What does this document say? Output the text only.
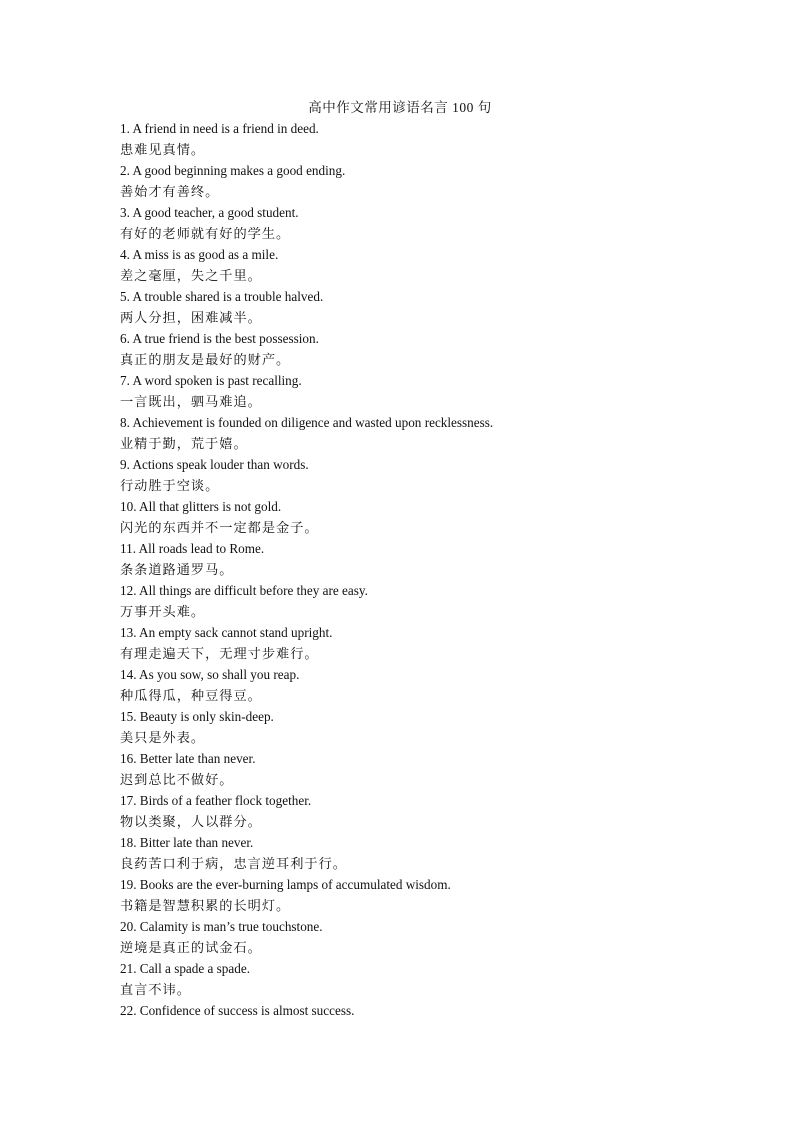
高中作文常用谚语名言 100 句
1. A friend in need is a friend in deed.
患难见真情。
2. A good beginning makes a good ending.
善始才有善终。
3. A good teacher, a good student.
有好的老师就有好的学生。
4. A miss is as good as a mile.
差之毫厘，失之千里。
5. A trouble shared is a trouble halved.
两人分担，困难减半。
6. A true friend is the best possession.
真正的朋友是最好的财产。
7. A word spoken is past recalling.
一言既出，驷马难追。
8. Achievement is founded on diligence and wasted upon recklessness.
业精于勤，荒于嬉。
9. Actions speak louder than words.
行动胜于空谈。
10. All that glitters is not gold.
闪光的东西并不一定都是金子。
11. All roads lead to Rome.
条条道路通罗马。
12. All things are difficult before they are easy.
万事开头难。
13. An empty sack cannot stand upright.
有理走遍天下，无理寸步难行。
14. As you sow, so shall you reap.
种瓜得瓜，种豆得豆。
15. Beauty is only skin-deep.
美只是外表。
16. Better late than never.
迟到总比不做好。
17. Birds of a feather flock together.
物以类聚，人以群分。
18. Bitter late than never.
良药苦口利于病，忠言逆耳利于行。
19. Books are the ever-burning lamps of accumulated wisdom.
书籍是智慧积累的长明灯。
20. Calamity is man’s true touchstone.
逆境是真正的试金石。
21. Call a spade a spade.
直言不讳。
22. Confidence of success is almost success.
